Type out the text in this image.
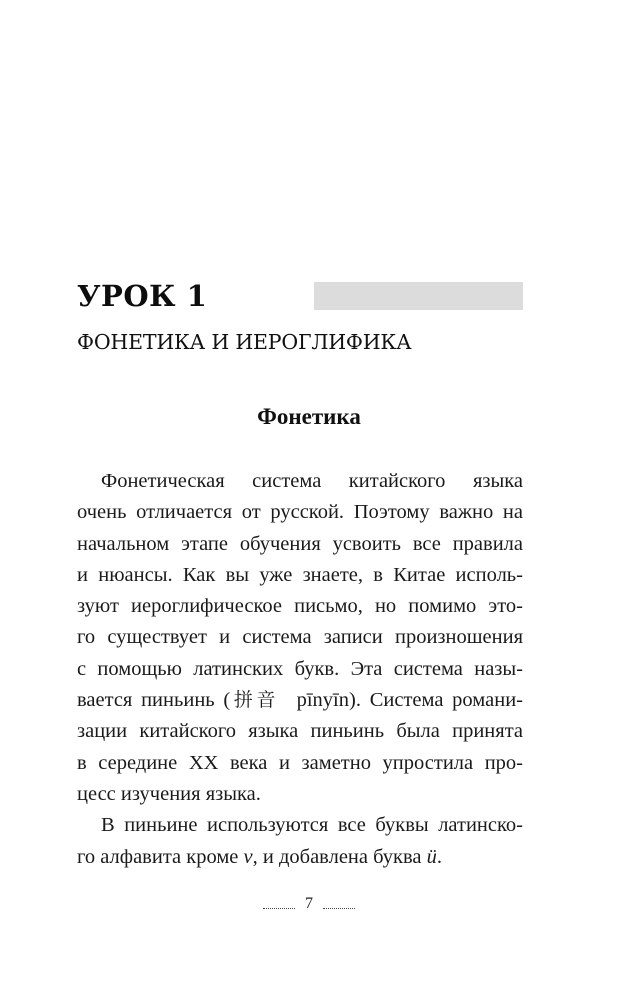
УРОК 1
ФОНЕТИКА И ИЕРОГЛИФИКА
Фонетика
Фонетическая система китайского языка
очень отличается от русской. Поэтому важно на
начальном этапе обучения усвоить все правила
и нюансы. Как вы уже знаете, в Китае исполь-
зуют иероглифическое письмо, но помимо это-
го существует и система записи произношения
с помощью латинских букв. Эта система назы-
вается пиньинь (拼音 pīnyīn). Система романи-
зации китайского языка пиньинь была принята
в середине XX века и заметно упростила про-
цесс изучения языка.
В пиньине используются все буквы латинско-
го алфавита кроме v, и добавлена буква ü.
7
